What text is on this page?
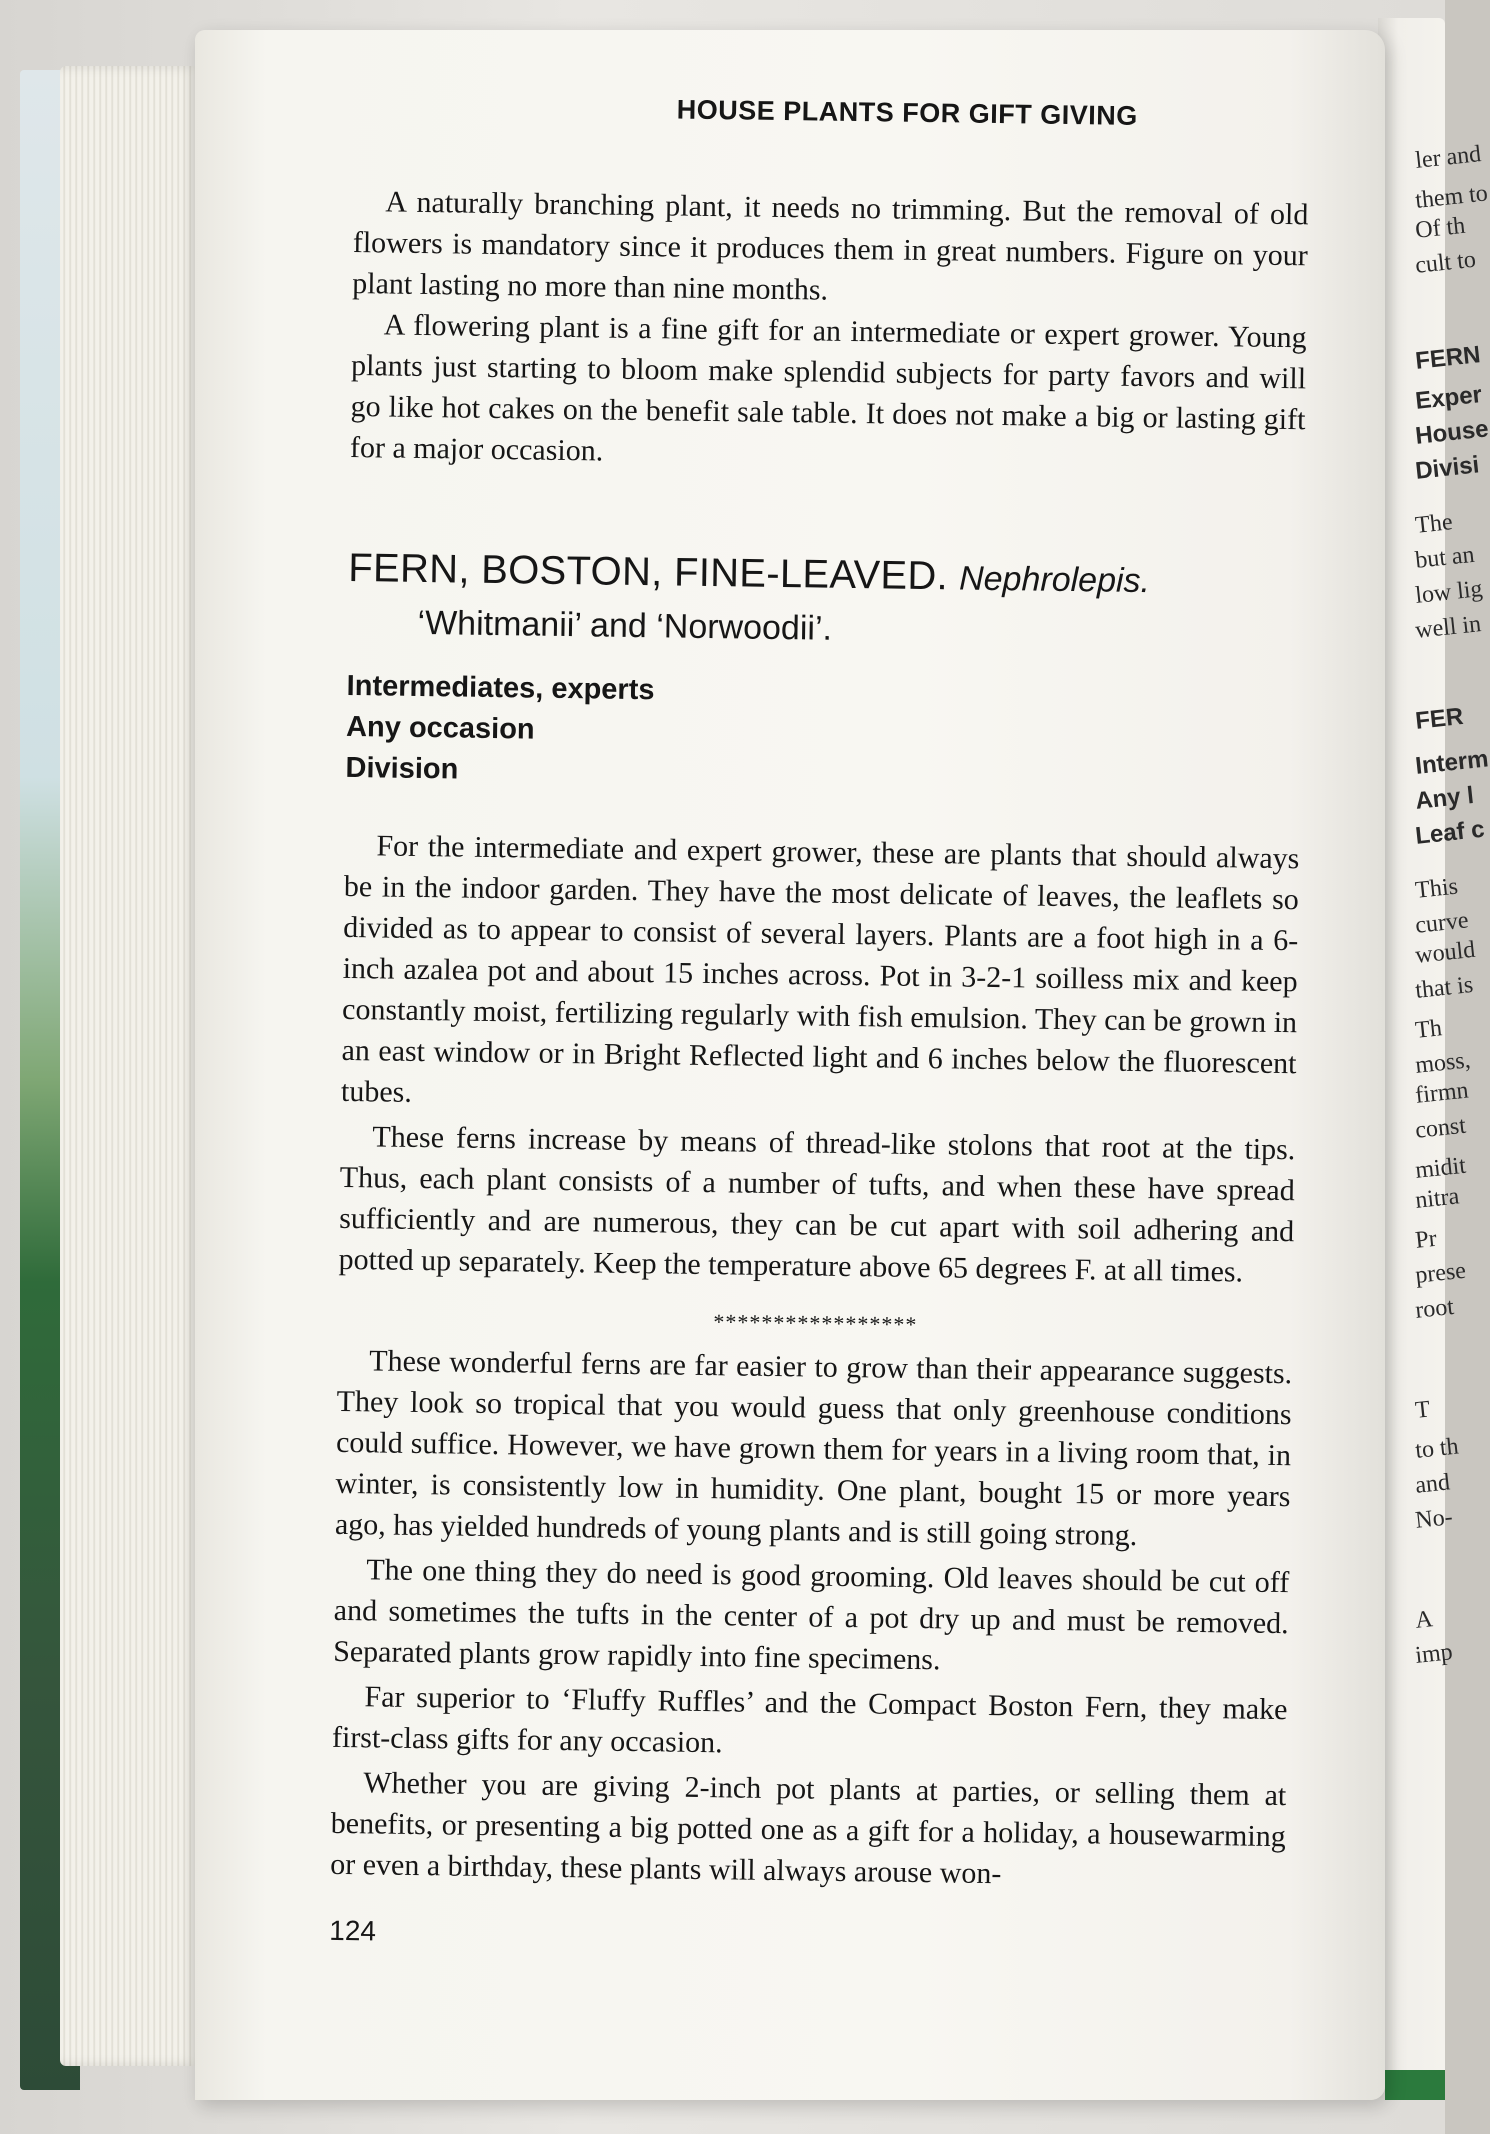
ler and
them to
Of th
cult to
FERN
Exper
House
Divisi
The
but an
low lig
well in
FER
Interm
Any l
Leaf c
This
curve
would
that is
Th
moss,
firmn
const
midit
nitra
Pr
prese
root
T
to th
and
No-
A
imp
HOUSE PLANTS FOR GIFT GIVING

A naturally branching plant, it needs no trimming. But the removal of old flowers is mandatory since it produces them in great numbers. Figure on your plant lasting no more than nine months.

A flowering plant is a fine gift for an intermediate or expert grower. Young plants just starting to bloom make splendid subjects for party favors and will go like hot cakes on the benefit sale table. It does not make a big or lasting gift for a major occasion.

FERN, BOSTON, FINE-LEAVED. Nephrolepis.
‘Whitmanii’ and ‘Norwoodii’.
Intermediates, experts
Any occasion
Division

For the intermediate and expert grower, these are plants that should always be in the indoor garden. They have the most delicate of leaves, the leaflets so divided as to appear to consist of several layers. Plants are a foot high in a 6-inch azalea pot and about 15 inches across. Pot in 3-2-1 soilless mix and keep constantly moist, fertilizing regularly with fish emulsion. They can be grown in an east window or in Bright Reflected light and 6 inches below the fluorescent tubes.

These ferns increase by means of thread-like stolons that root at the tips. Thus, each plant consists of a number of tufts, and when these have spread sufficiently and are numerous, they can be cut apart with soil adhering and potted up separately. Keep the temperature above 65 degrees F. at all times.

*****************

These wonderful ferns are far easier to grow than their appearance suggests. They look so tropical that you would guess that only greenhouse conditions could suffice. However, we have grown them for years in a living room that, in winter, is consistently low in humidity. One plant, bought 15 or more years ago, has yielded hundreds of young plants and is still going strong.

The one thing they do need is good grooming. Old leaves should be cut off and sometimes the tufts in the center of a pot dry up and must be removed. Separated plants grow rapidly into fine specimens.

Far superior to ‘Fluffy Ruffles’ and the Compact Boston Fern, they make first-class gifts for any occasion.

Whether you are giving 2-inch pot plants at parties, or selling them at benefits, or presenting a big potted one as a gift for a holiday, a housewarming or even a birthday, these plants will always arouse won-

124
